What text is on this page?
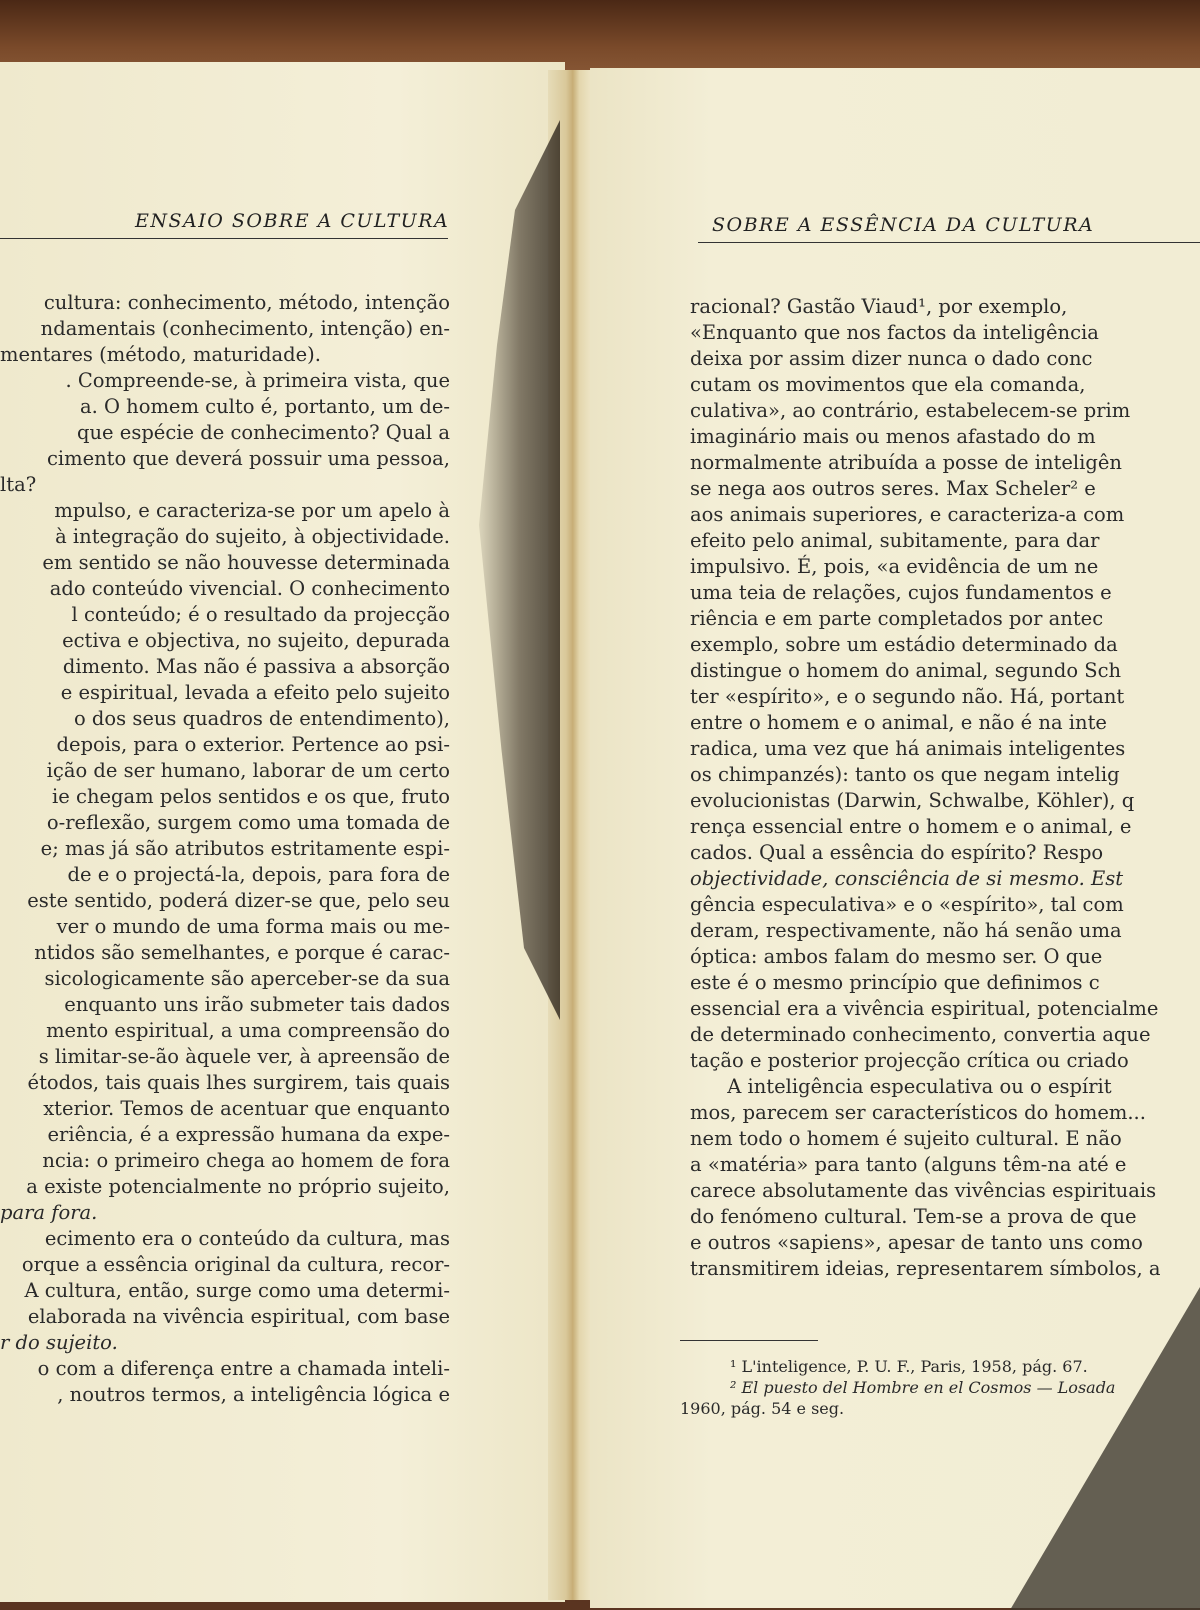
ENSAIO SOBRE A CULTURA
cultura: conhecimento, método, intenção
ndamentais (conhecimento, intenção) en-
mentares (método, maturidade).
. Compreende-se, à primeira vista, que
a. O homem culto é, portanto, um de-
que espécie de conhecimento? Qual a
cimento que deverá possuir uma pessoa,
lta?
mpulso, e caracteriza-se por um apelo à
à integração do sujeito, à objectividade.
em sentido se não houvesse determinada
ado conteúdo vivencial. O conhecimento
l conteúdo; é o resultado da projecção
ectiva e objectiva, no sujeito, depurada
dimento. Mas não é passiva a absorção
e espiritual, levada a efeito pelo sujeito
o dos seus quadros de entendimento),
depois, para o exterior. Pertence ao psi-
ição de ser humano, laborar de um certo
ie chegam pelos sentidos e os que, fruto
o-reflexão, surgem como uma tomada de
e; mas já são atributos estritamente espi-
de e o projectá-la, depois, para fora de
este sentido, poderá dizer-se que, pelo seu
ver o mundo de uma forma mais ou me-
ntidos são semelhantes, e porque é carac-
sicologicamente são aperceber-se da sua
enquanto uns irão submeter tais dados
mento espiritual, a uma compreensão do
s limitar-se-ão àquele ver, à apreensão de
étodos, tais quais lhes surgirem, tais quais
xterior. Temos de acentuar que enquanto
eriência, é a expressão humana da expe-
ncia: o primeiro chega ao homem de fora
a existe potencialmente no próprio sujeito,
para fora.
ecimento era o conteúdo da cultura, mas
orque a essência original da cultura, recor-
A cultura, então, surge como uma determi-
elaborada na vivência espiritual, com base
r do sujeito.
o com a diferença entre a chamada inteli-
, noutros termos, a inteligência lógica e
SOBRE A ESSÊNCIA DA CULTURA
racional? Gastão Viaud¹, por exemplo,
«Enquanto que nos factos da inteligência
deixa por assim dizer nunca o dado conc
cutam os movimentos que ela comanda,
culativa», ao contrário, estabelecem-se prim
imaginário mais ou menos afastado do m
normalmente atribuída a posse de inteligên
se nega aos outros seres. Max Scheler² e
aos animais superiores, e caracteriza-a com
efeito pelo animal, subitamente, para dar
impulsivo. É, pois, «a evidência de um ne
uma teia de relações, cujos fundamentos e
riência e em parte completados por antec
exemplo, sobre um estádio determinado da
distingue o homem do animal, segundo Sch
ter «espírito», e o segundo não. Há, portant
entre o homem e o animal, e não é na inte
radica, uma vez que há animais inteligentes
os chimpanzés): tanto os que negam intelig
evolucionistas (Darwin, Schwalbe, Köhler), q
rença essencial entre o homem e o animal, e
cados. Qual a essência do espírito? Respo
objectividade, consciência de si mesmo. Est
gência especulativa» e o «espírito», tal com
deram, respectivamente, não há senão uma
óptica: ambos falam do mesmo ser. O que
este é o mesmo princípio que definimos c
essencial era a vivência espiritual, potencialme
de determinado conhecimento, convertia aque
tação e posterior projecção crítica ou criado
A inteligência especulativa ou o espírit
mos, parecem ser característicos do homem...
nem todo o homem é sujeito cultural. E não
a «matéria» para tanto (alguns têm-na até e
carece absolutamente das vivências espirituais
do fenómeno cultural. Tem-se a prova de que
e outros «sapiens», apesar de tanto uns como
transmitirem ideias, representarem símbolos, a
¹ L'inteligence, P. U. F., Paris, 1958, pág. 67.
² El puesto del Hombre en el Cosmos — Losada
1960, pág. 54 e seg.
